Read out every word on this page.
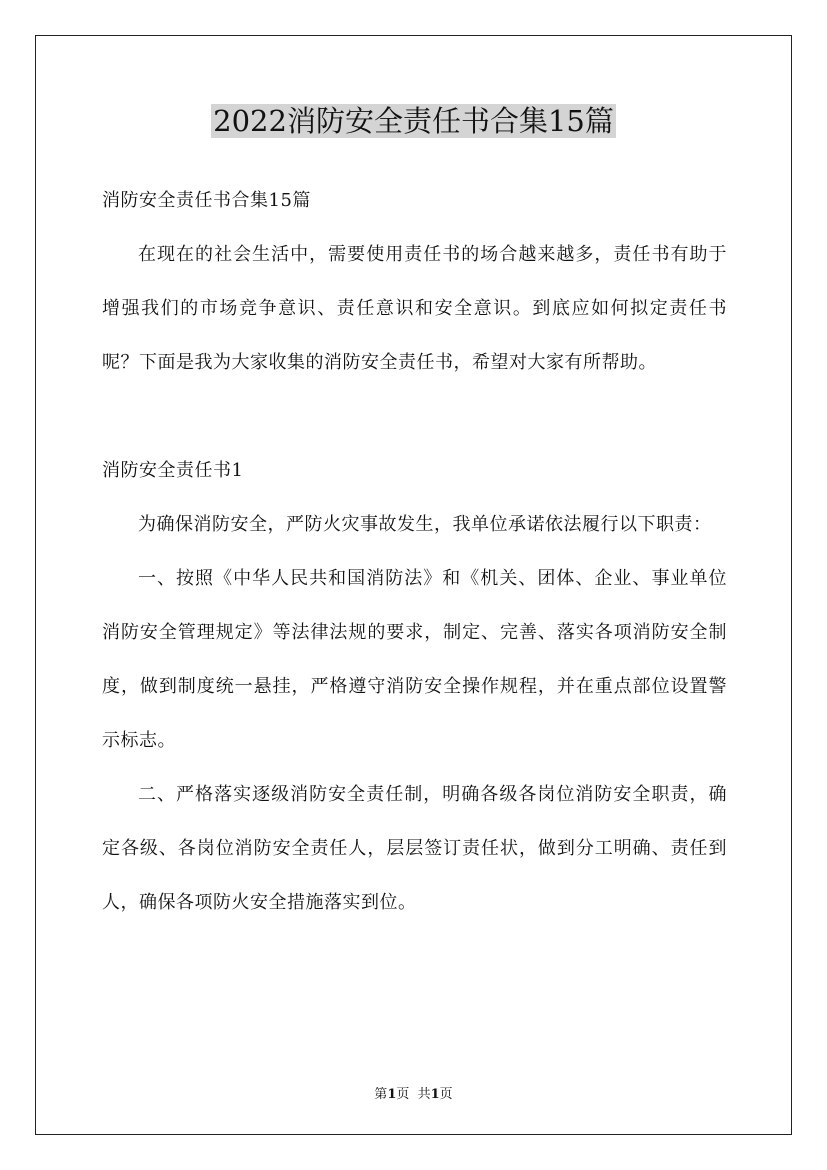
2022消防安全责任书合集15篇

消防安全责任书合集15篇

在现在的社会生活中，需要使用责任书的场合越来越多，责任书有助于增强我们的市场竞争意识、责任意识和安全意识。到底应如何拟定责任书呢？下面是我为大家收集的消防安全责任书，希望对大家有所帮助。

消防安全责任书1

为确保消防安全，严防火灾事故发生，我单位承诺依法履行以下职责：

一、按照《中华人民共和国消防法》和《机关、团体、企业、事业单位消防安全管理规定》等法律法规的要求，制定、完善、落实各项消防安全制度，做到制度统一悬挂，严格遵守消防安全操作规程，并在重点部位设置警示标志。

二、严格落实逐级消防安全责任制，明确各级各岗位消防安全职责，确定各级、各岗位消防安全责任人，层层签订责任状，做到分工明确、责任到人，确保各项防火安全措施落实到位。

第1页  共1页
